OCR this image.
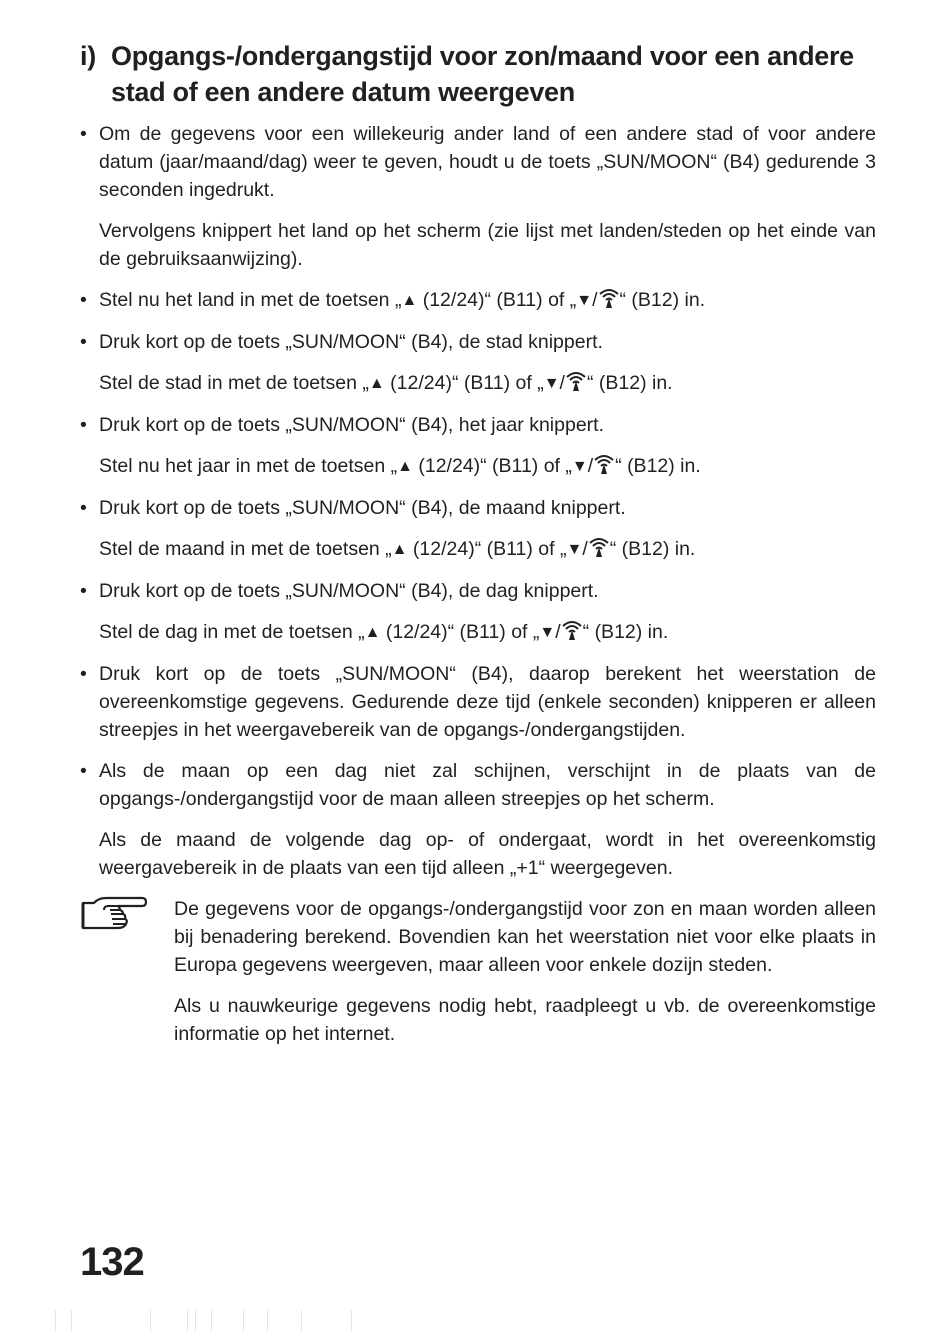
i) Opgangs-/ondergangstijd voor zon/maand voor een andere stad of een andere datum weergeven
• Om de gegevens voor een willekeurig ander land of een andere stad of voor andere datum (jaar/maand/dag) weer te geven, houdt u de toets „SUN/MOON“ (B4) gedurende 3 seconden ingedrukt.
Vervolgens knippert het land op het scherm (zie lijst met landen/steden op het einde van de gebruiksaanwijzing).
• Stel nu het land in met de toetsen „▲ (12/24)“ (B11) of „▼/ “ (B12) in.
• Druk kort op de toets „SUN/MOON“ (B4), de stad knippert.
Stel de stad in met de toetsen „▲ (12/24)“ (B11) of „▼/ “ (B12) in.
• Druk kort op de toets „SUN/MOON“ (B4), het jaar knippert.
Stel nu het jaar in met de toetsen „▲ (12/24)“ (B11) of „▼/ “ (B12) in.
• Druk kort op de toets „SUN/MOON“ (B4), de maand knippert.
Stel de maand in met de toetsen „▲ (12/24)“ (B11) of „▼/ “ (B12) in.
• Druk kort op de toets „SUN/MOON“ (B4), de dag knippert.
Stel de dag in met de toetsen „▲ (12/24)“ (B11) of „▼/ “ (B12) in.
• Druk kort op de toets „SUN/MOON“ (B4), daarop berekent het weerstation de overeenkomstige gegevens. Gedurende deze tijd (enkele seconden) knipperen er alleen streepjes in het weergavebereik van de opgangs-/ondergangstijden.
• Als de maan op een dag niet zal schijnen, verschijnt in de plaats van de opgangs-/ondergangstijd voor de maan alleen streepjes op het scherm.
Als de maand de volgende dag op- of ondergaat, wordt in het overeenkomstig weergavebereik in de plaats van een tijd alleen „+1“ weergegeven.

De gegevens voor de opgangs-/ondergangstijd voor zon en maan worden alleen bij benadering berekend. Bovendien kan het weerstation niet voor elke plaats in Europa gegevens weergeven, maar alleen voor enkele dozijn steden.

Als u nauwkeurige gegevens nodig hebt, raadpleegt u vb. de overeenkomstige informatie op het internet.

132
